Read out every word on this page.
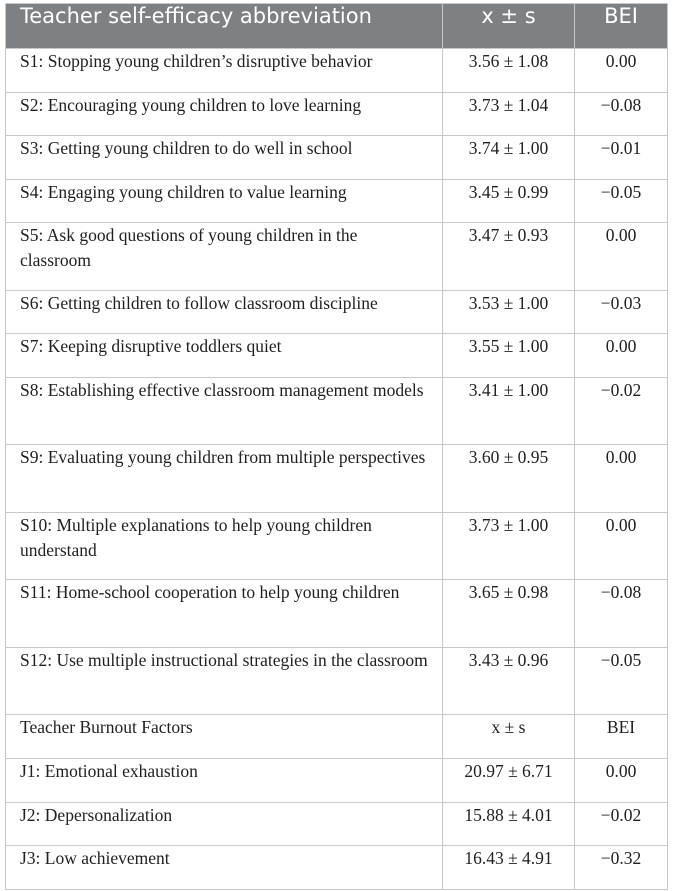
Teacher self-efficacy abbreviation	x ± s	BEI
S1: Stopping young children’s disruptive behavior	3.56 ± 1.08	0.00
S2: Encouraging young children to love learning	3.73 ± 1.04	−0.08
S3: Getting young children to do well in school	3.74 ± 1.00	−0.01
S4: Engaging young children to value learning	3.45 ± 0.99	−0.05
S5: Ask good questions of young children in the classroom	3.47 ± 0.93	0.00
S6: Getting children to follow classroom discipline	3.53 ± 1.00	−0.03
S7: Keeping disruptive toddlers quiet	3.55 ± 1.00	0.00
S8: Establishing effective classroom management models	3.41 ± 1.00	−0.02
S9: Evaluating young children from multiple perspectives	3.60 ± 0.95	0.00
S10: Multiple explanations to help young children understand	3.73 ± 1.00	0.00
S11: Home-school cooperation to help young children	3.65 ± 0.98	−0.08
S12: Use multiple instructional strategies in the classroom	3.43 ± 0.96	−0.05
Teacher Burnout Factors	x ± s	BEI
J1: Emotional exhaustion	20.97 ± 6.71	0.00
J2: Depersonalization	15.88 ± 4.01	−0.02
J3: Low achievement	16.43 ± 4.91	−0.32
